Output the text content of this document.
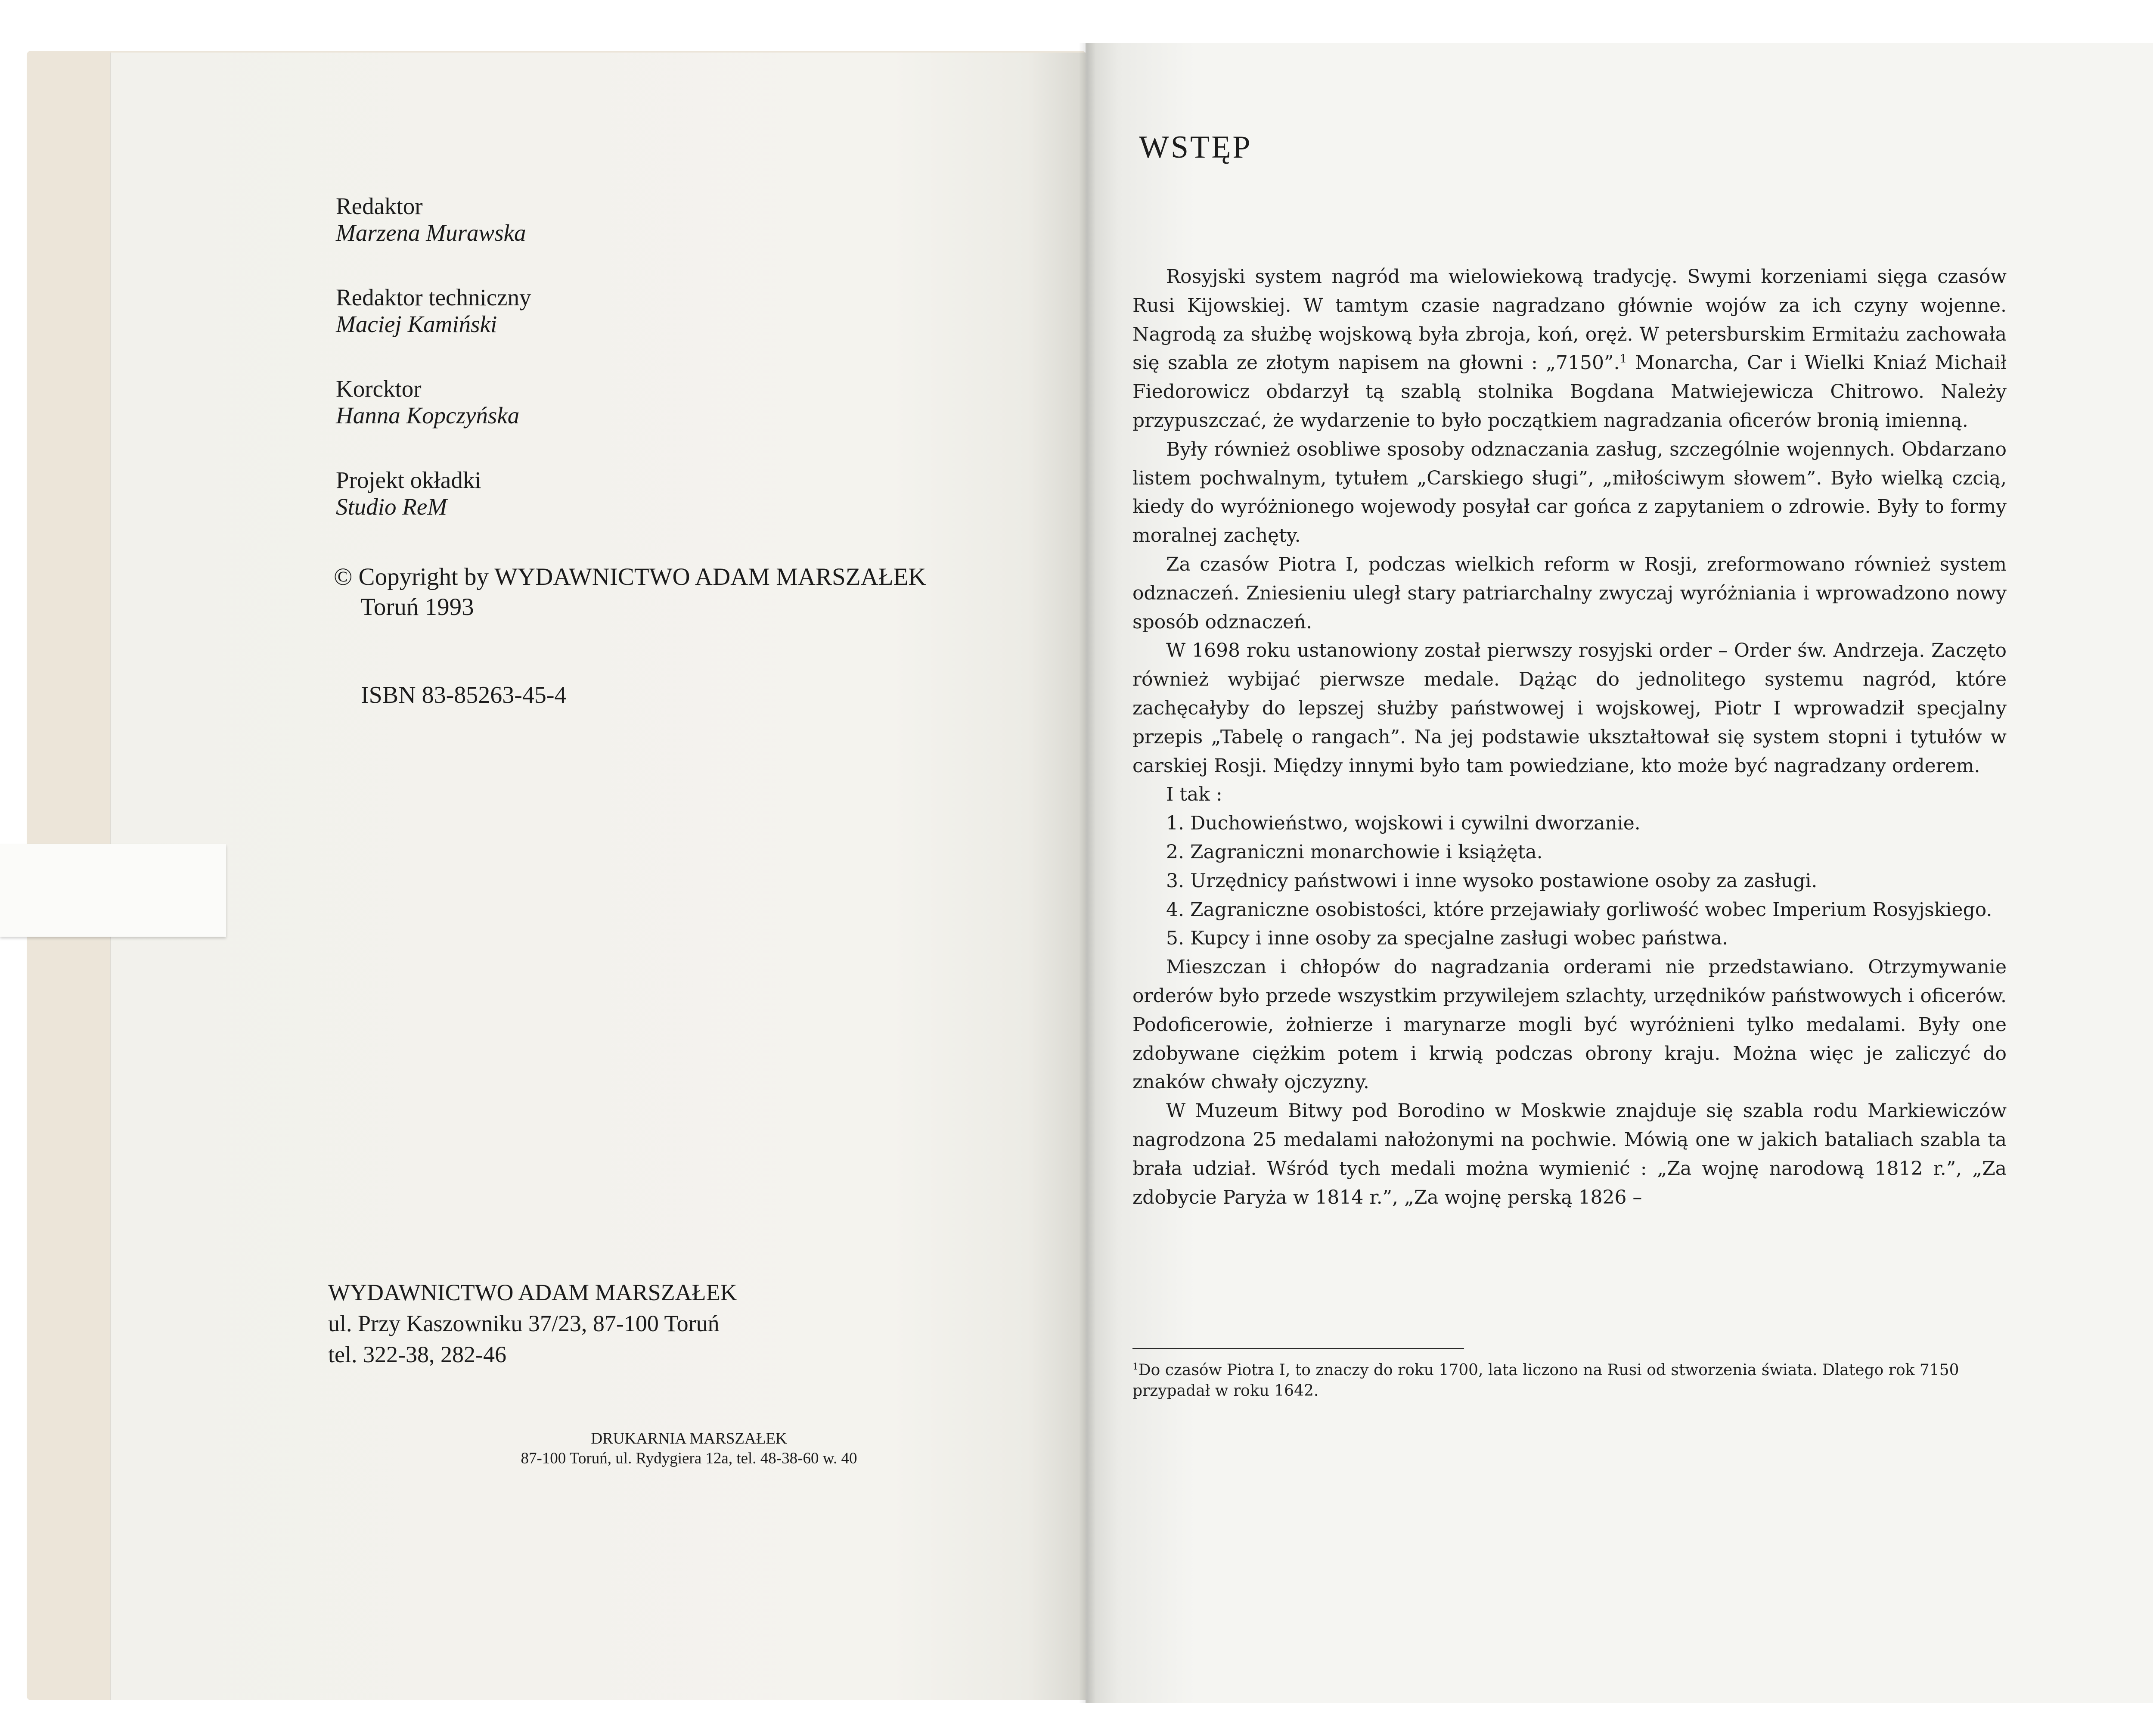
Redaktor
Marzena Murawska
Redaktor techniczny
Maciej Kamiński
Korcktor
Hanna Kopczyńska
Projekt okładki
Studio ReM
© Copyright by WYDAWNICTWO ADAM MARSZAŁEK
Toruń 1993
ISBN 83-85263-45-4
WYDAWNICTWO ADAM MARSZAŁEK
ul. Przy Kaszowniku 37/23, 87-100 Toruń
tel. 322-38, 282-46
DRUKARNIA MARSZAŁEK
87-100 Toruń, ul. Rydygiera 12a, tel. 48-38-60 w. 40
WSTĘP

Rosyjski system nagród ma wielowiekową tradycję. Swymi korzeniami sięga czasów Rusi Kijowskiej. W tamtym czasie nagradzano głównie wojów za ich czyny wojenne. Nagrodą za służbę wojskową była zbroja, koń, oręż. W petersburskim Ermitażu zachowała się szabla ze złotym napisem na głowni : „7150”.$^1$ Monarcha, Car i Wielki Kniaź Michaił Fiedorowicz obdarzył tą szablą stolnika Bogdana Matwiejewicza Chitrowo. Należy przypuszczać, że wydarzenie to było początkiem nagradzania oficerów bronią imienną.

Były również osobliwe sposoby odznaczania zasług, szczególnie wojennych. Obdarzano listem pochwalnym, tytułem „Carskiego sługi”, „miłościwym słowem”. Było wielką czcią, kiedy do wyróżnionego wojewody posyłał car gońca z zapytaniem o zdrowie. Były to formy moralnej zachęty.

Za czasów Piotra I, podczas wielkich reform w Rosji, zreformowano również system odznaczeń. Zniesieniu uległ stary patriarchalny zwyczaj wyróżniania i wprowadzono nowy sposób odznaczeń.

W 1698 roku ustanowiony został pierwszy rosyjski order – Order św. Andrzeja. Zaczęto również wybijać pierwsze medale. Dążąc do jednolitego systemu nagród, które zachęcałyby do lepszej służby państwowej i wojskowej, Piotr I wprowadził specjalny przepis „Tabelę o rangach”. Na jej podstawie ukształtował się system stopni i tytułów w carskiej Rosji. Między innymi było tam powiedziane, kto może być nagradzany orderem.

I tak :

1. Duchowieństwo, wojskowi i cywilni dworzanie.

2. Zagraniczni monarchowie i książęta.

3. Urzędnicy państwowi i inne wysoko postawione osoby za zasługi.

4. Zagraniczne osobistości, które przejawiały gorliwość wobec Imperium Rosyjskiego.

5. Kupcy i inne osoby za specjalne zasługi wobec państwa.

Mieszczan i chłopów do nagradzania orderami nie przedstawiano. Otrzymywanie orderów było przede wszystkim przywilejem szlachty, urzędników państwowych i oficerów. Podoficerowie, żołnierze i marynarze mogli być wyróżnieni tylko medalami. Były one zdobywane ciężkim potem i krwią podczas obrony kraju. Można więc je zaliczyć do znaków chwały ojczyzny.

W Muzeum Bitwy pod Borodino w Moskwie znajduje się szabla rodu Markiewiczów nagrodzona 25 medalami nałożonymi na pochwie. Mówią one w jakich bataliach szabla ta brała udział. Wśród tych medali można wymienić : „Za wojnę narodową 1812 r.”, „Za zdobycie Paryża w 1814 r.”, „Za wojnę perską 1826 –

$^1$Do czasów Piotra I, to znaczy do roku 1700, lata liczono na Rusi od stworzenia świata. Dlatego rok 7150 przypadał w roku 1642.
